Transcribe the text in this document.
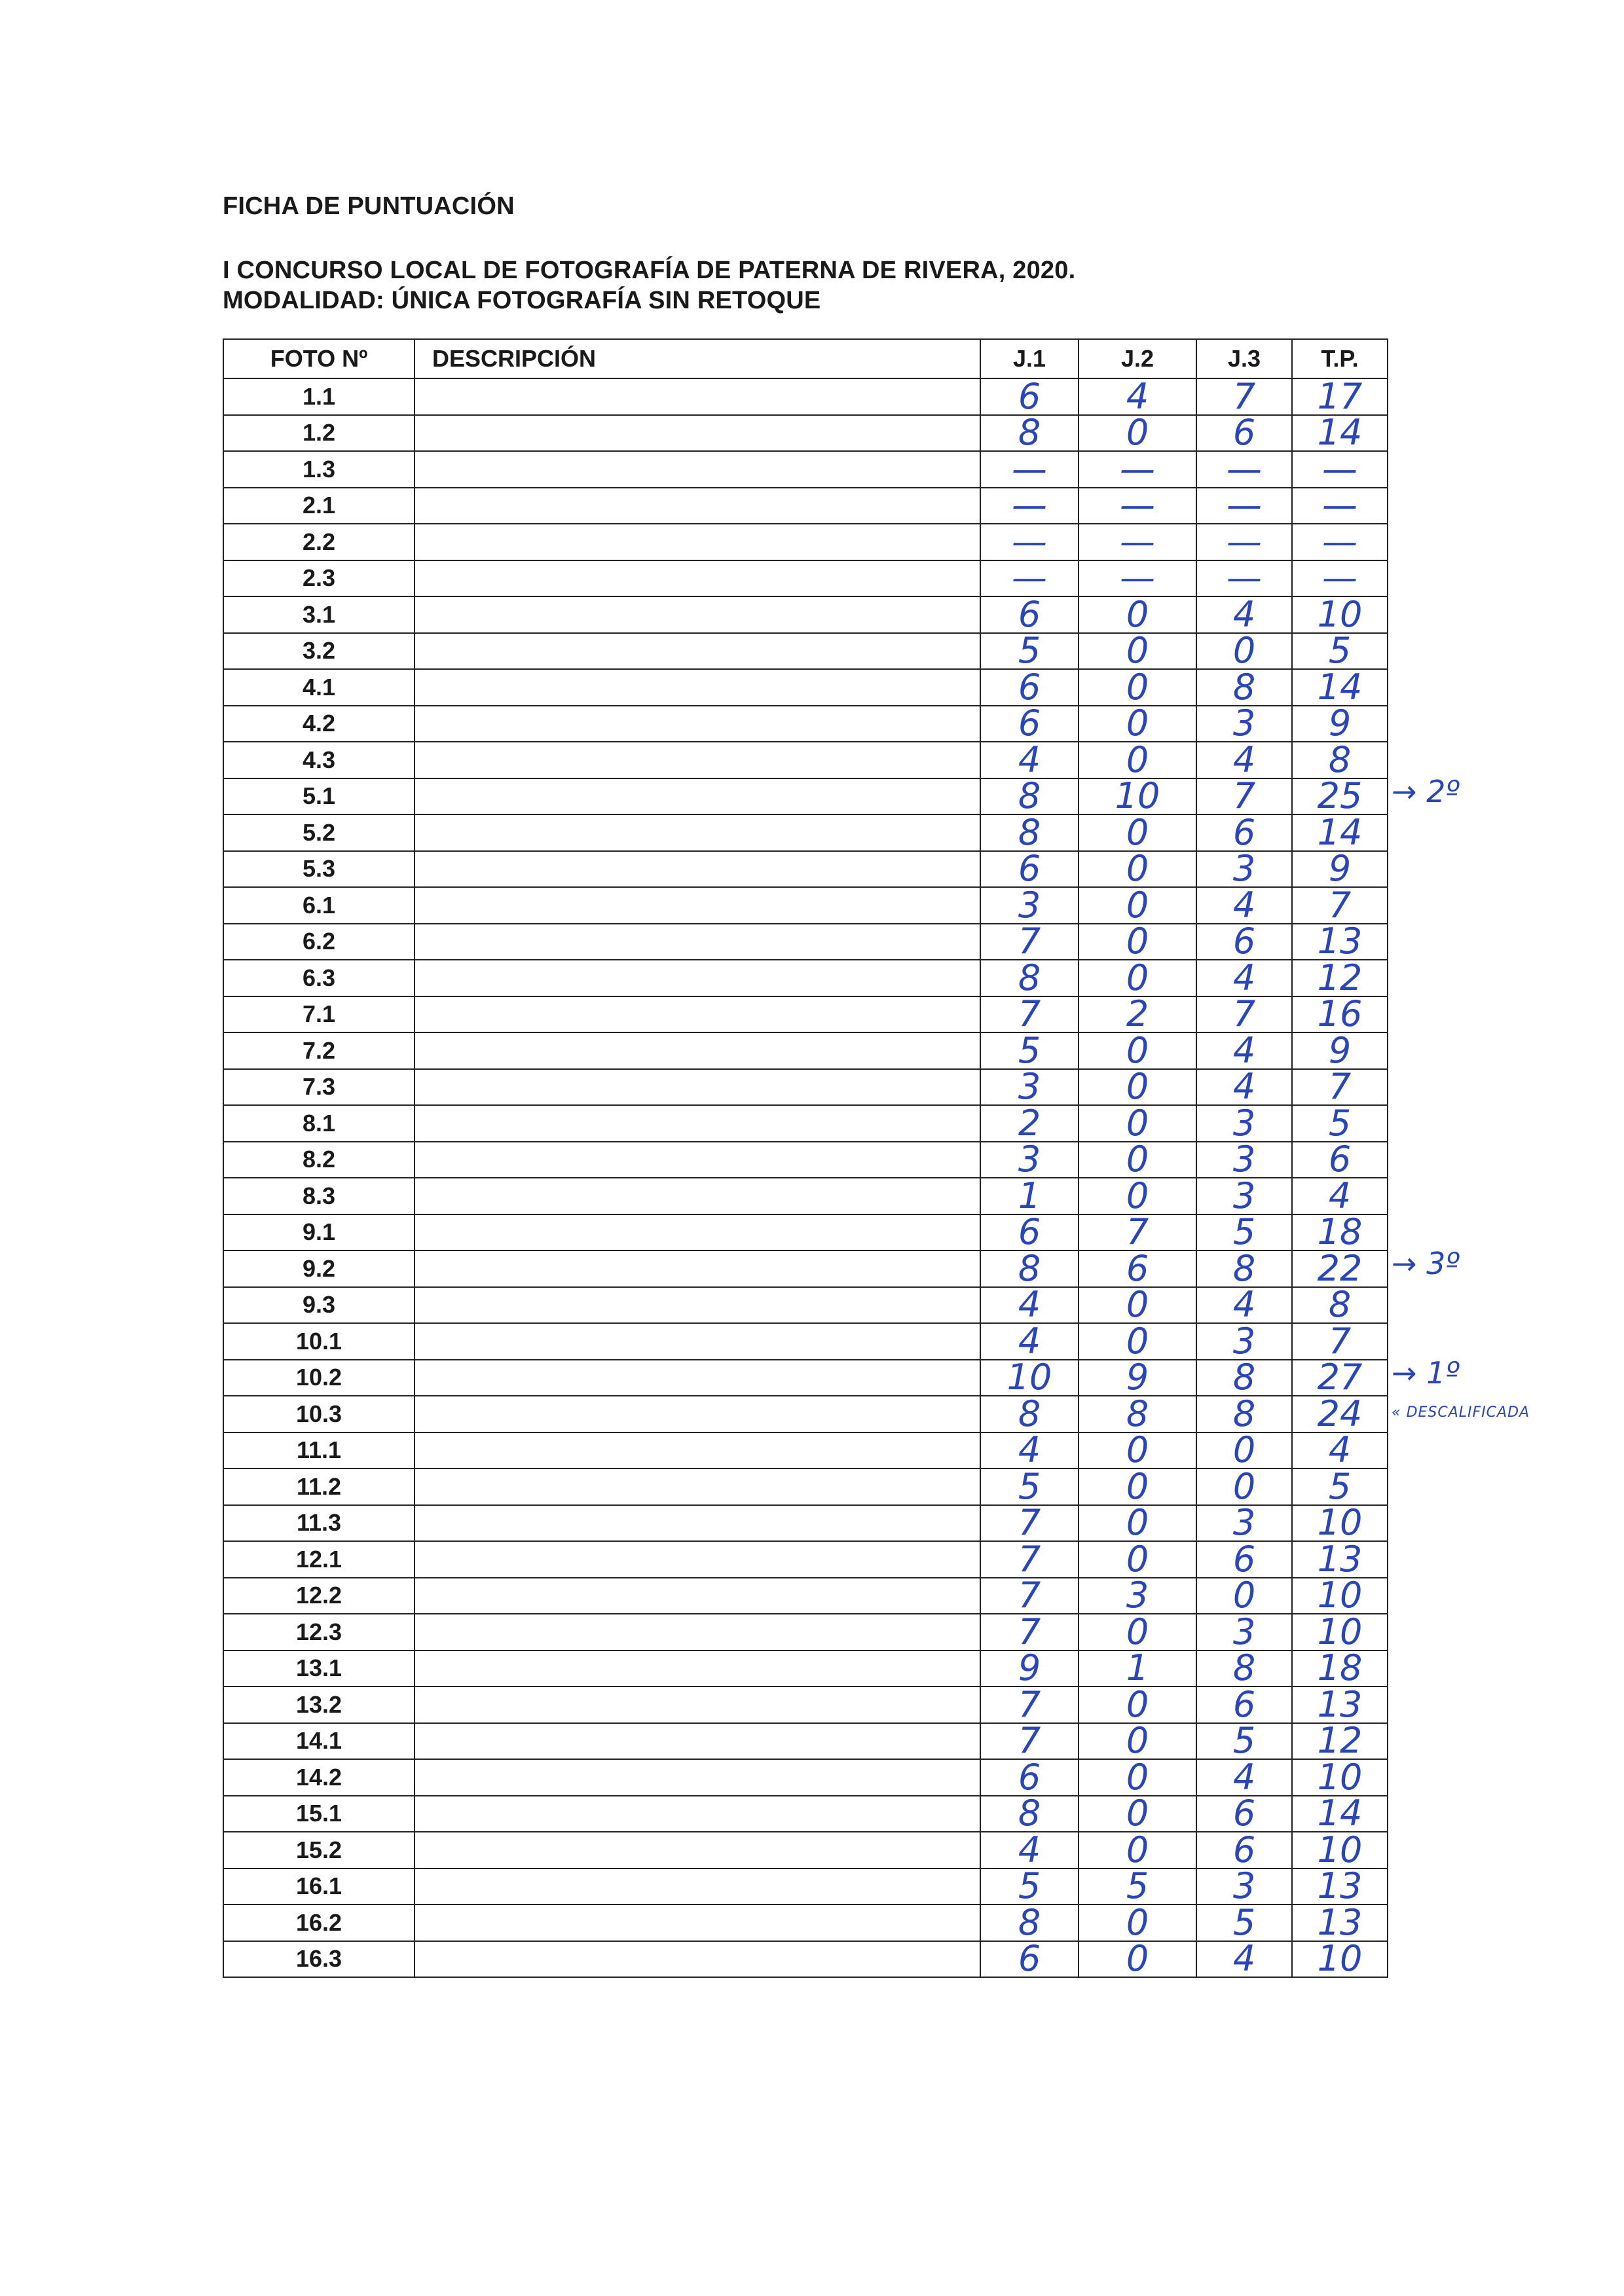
FICHA DE PUNTUACIÓN

I CONCURSO LOCAL DE FOTOGRAFÍA DE PATERNA DE RIVERA, 2020.

MODALIDAD: ÚNICA FOTOGRAFÍA SIN RETOQUE

FOTO Nº	DESCRIPCIÓN	J.1	J.2	J.3	T.P.
1.1		6	4	7	17
1.2		8	0	6	14
1.3		—	—	—	—
2.1		—	—	—	—
2.2		—	—	—	—
2.3		—	—	—	—
3.1		6	0	4	10
3.2		5	0	0	5
4.1		6	0	8	14
4.2		6	0	3	9
4.3		4	0	4	8
5.1		8	10	7	25
5.2		8	0	6	14
5.3		6	0	3	9
6.1		3	0	4	7
6.2		7	0	6	13
6.3		8	0	4	12
7.1		7	2	7	16
7.2		5	0	4	9
7.3		3	0	4	7
8.1		2	0	3	5
8.2		3	0	3	6
8.3		1	0	3	4
9.1		6	7	5	18
9.2		8	6	8	22
9.3		4	0	4	8
10.1		4	0	3	7
10.2		10	9	8	27
10.3		8	8	8	24
11.1		4	0	0	4
11.2		5	0	0	5
11.3		7	0	3	10
12.1		7	0	6	13
12.2		7	3	0	10
12.3		7	0	3	10
13.1		9	1	8	18
13.2		7	0	6	13
14.1		7	0	5	12
14.2		6	0	4	10
15.1		8	0	6	14
15.2		4	0	6	10
16.1		5	5	3	13
16.2		8	0	5	13
16.3		6	0	4	10
→ 2º
→ 3º
→ 1º
« DESCALIFICADA
